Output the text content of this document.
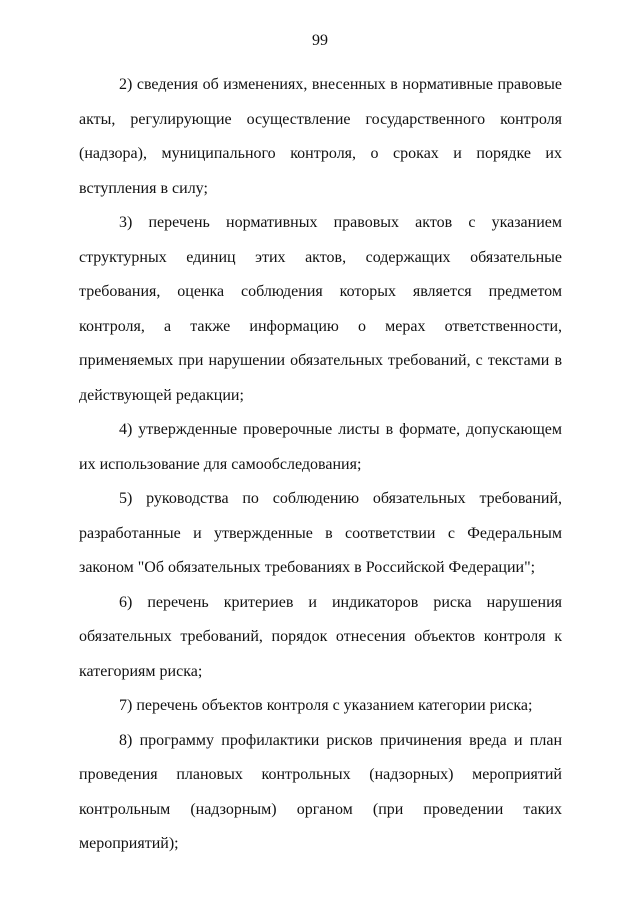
99

2) сведения об изменениях, внесенных в нормативные правовые акты, регулирующие осуществление государственного контроля (надзора), муниципального контроля, о сроках и порядке их вступления в силу;

3) перечень нормативных правовых актов с указанием структурных единиц этих актов, содержащих обязательные требования, оценка соблюдения которых является предметом контроля, а также информацию о мерах ответственности, применяемых при нарушении обязательных требований, с текстами в действующей редакции;

4) утвержденные проверочные листы в формате, допускающем их использование для самообследования;

5) руководства по соблюдению обязательных требований, разработанные и утвержденные в соответствии с Федеральным законом "Об обязательных требованиях в Российской Федерации";

6) перечень критериев и индикаторов риска нарушения обязательных требований, порядок отнесения объектов контроля к категориям риска;

7) перечень объектов контроля с указанием категории риска;

8) программу профилактики рисков причинения вреда и план проведения плановых контрольных (надзорных) мероприятий контрольным (надзорным) органом (при проведении таких мероприятий);
